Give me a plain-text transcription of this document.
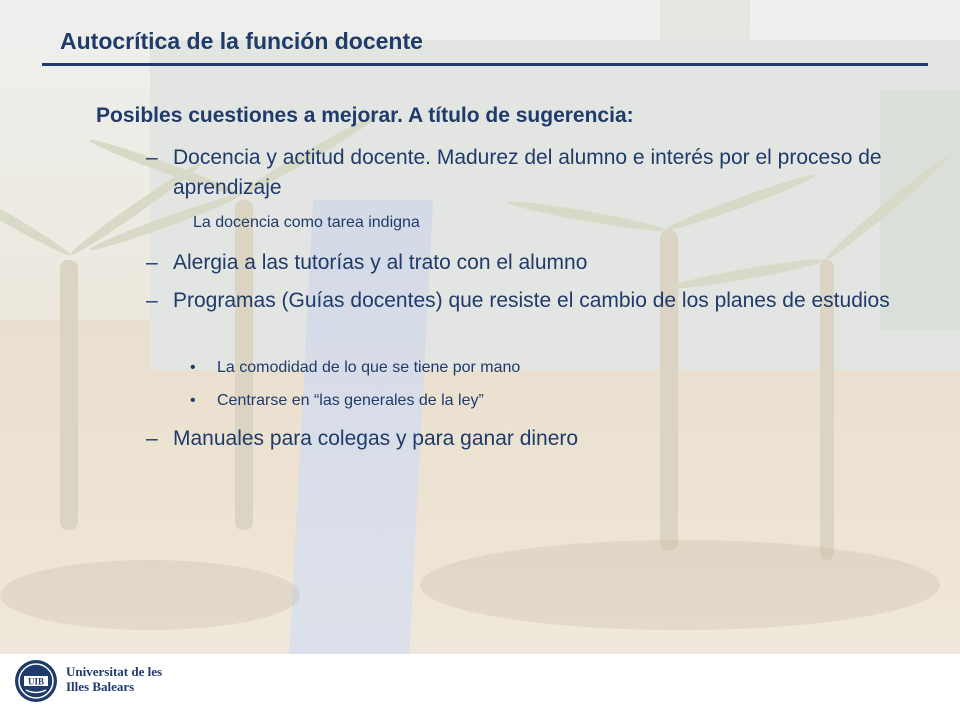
Autocrítica de la función docente
Posibles cuestiones a mejorar. A título de sugerencia:
– Docencia y actitud docente. Madurez del alumno e interés por el proceso de aprendizaje
La docencia como tarea indigna
– Alergia a las tutorías y al trato con el alumno
– Programas (Guías docentes) que resiste el cambio de los planes de estudios
• La comodidad de lo que se tiene por mano
• Centrarse en “las generales de la ley”
– Manuales para colegas y para ganar dinero
UIB
Universitat de les
Illes Balears
